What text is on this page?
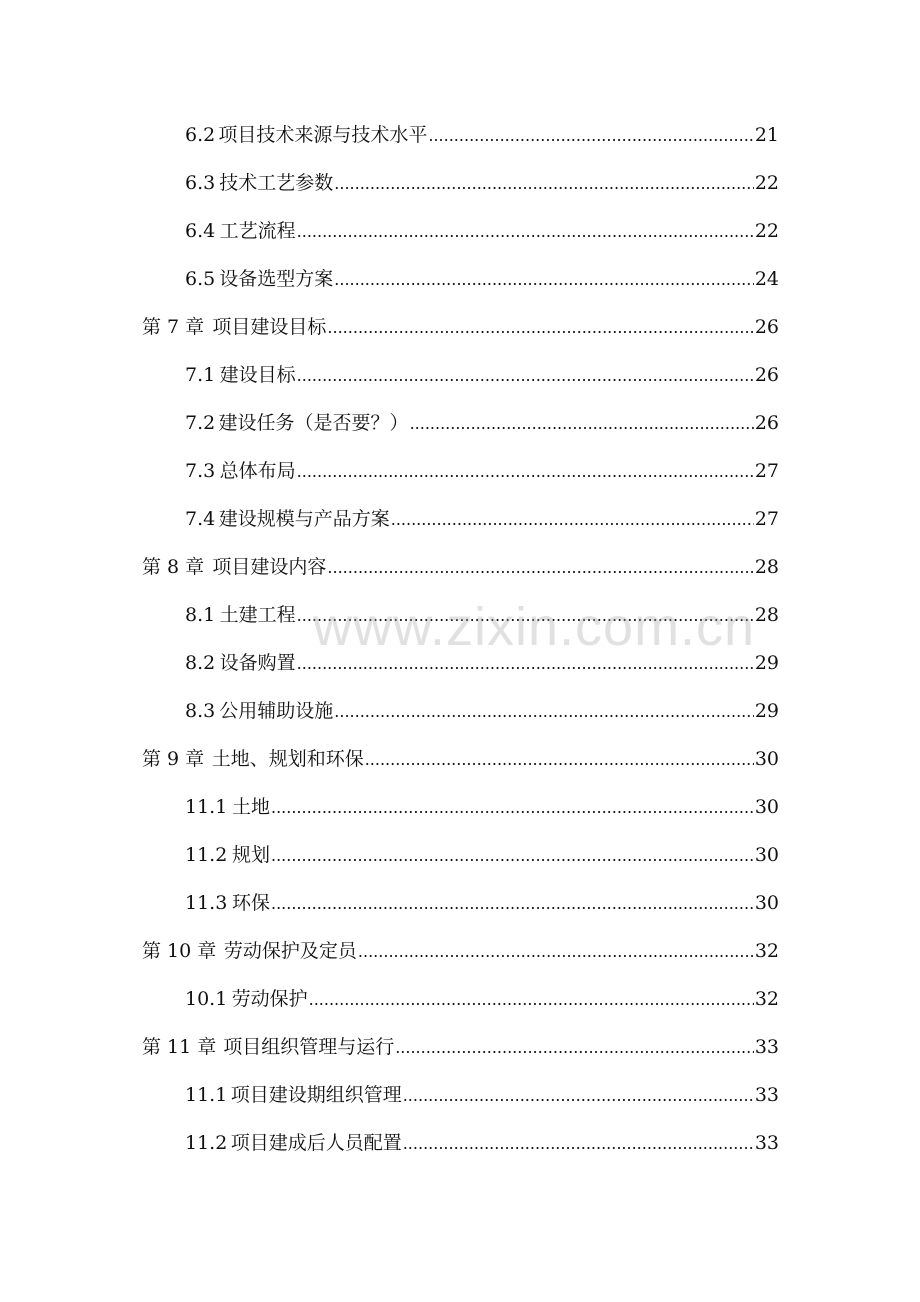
6.2 项目技术来源与技术水平 .....	21
6.3 技术工艺参数 .....	22
6.4 工艺流程 .....	22
6.5 设备选型方案 .....	24
第 7 章 项目建设目标 .....	26
7.1 建设目标 .....	26
7.2 建设任务（是否要？） .....	26
7.3 总体布局 .....	27
7.4 建设规模与产品方案 .....	27
第 8 章 项目建设内容 .....	28
8.1 土建工程 .....	28
8.2 设备购置 .....	29
8.3 公用辅助设施 .....	29
第 9 章 土地、规划和环保 .....	30
11.1 土地 .....	30
11.2 规划 .....	30
11.3 环保 .....	30
第 10 章 劳动保护及定员 .....	32
10.1 劳动保护 .....	32
第 11 章 项目组织管理与运行 .....	33
11.1 项目建设期组织管理 .....	33
11.2 项目建成后人员配置 .....	33
www.zixin.com.cn
